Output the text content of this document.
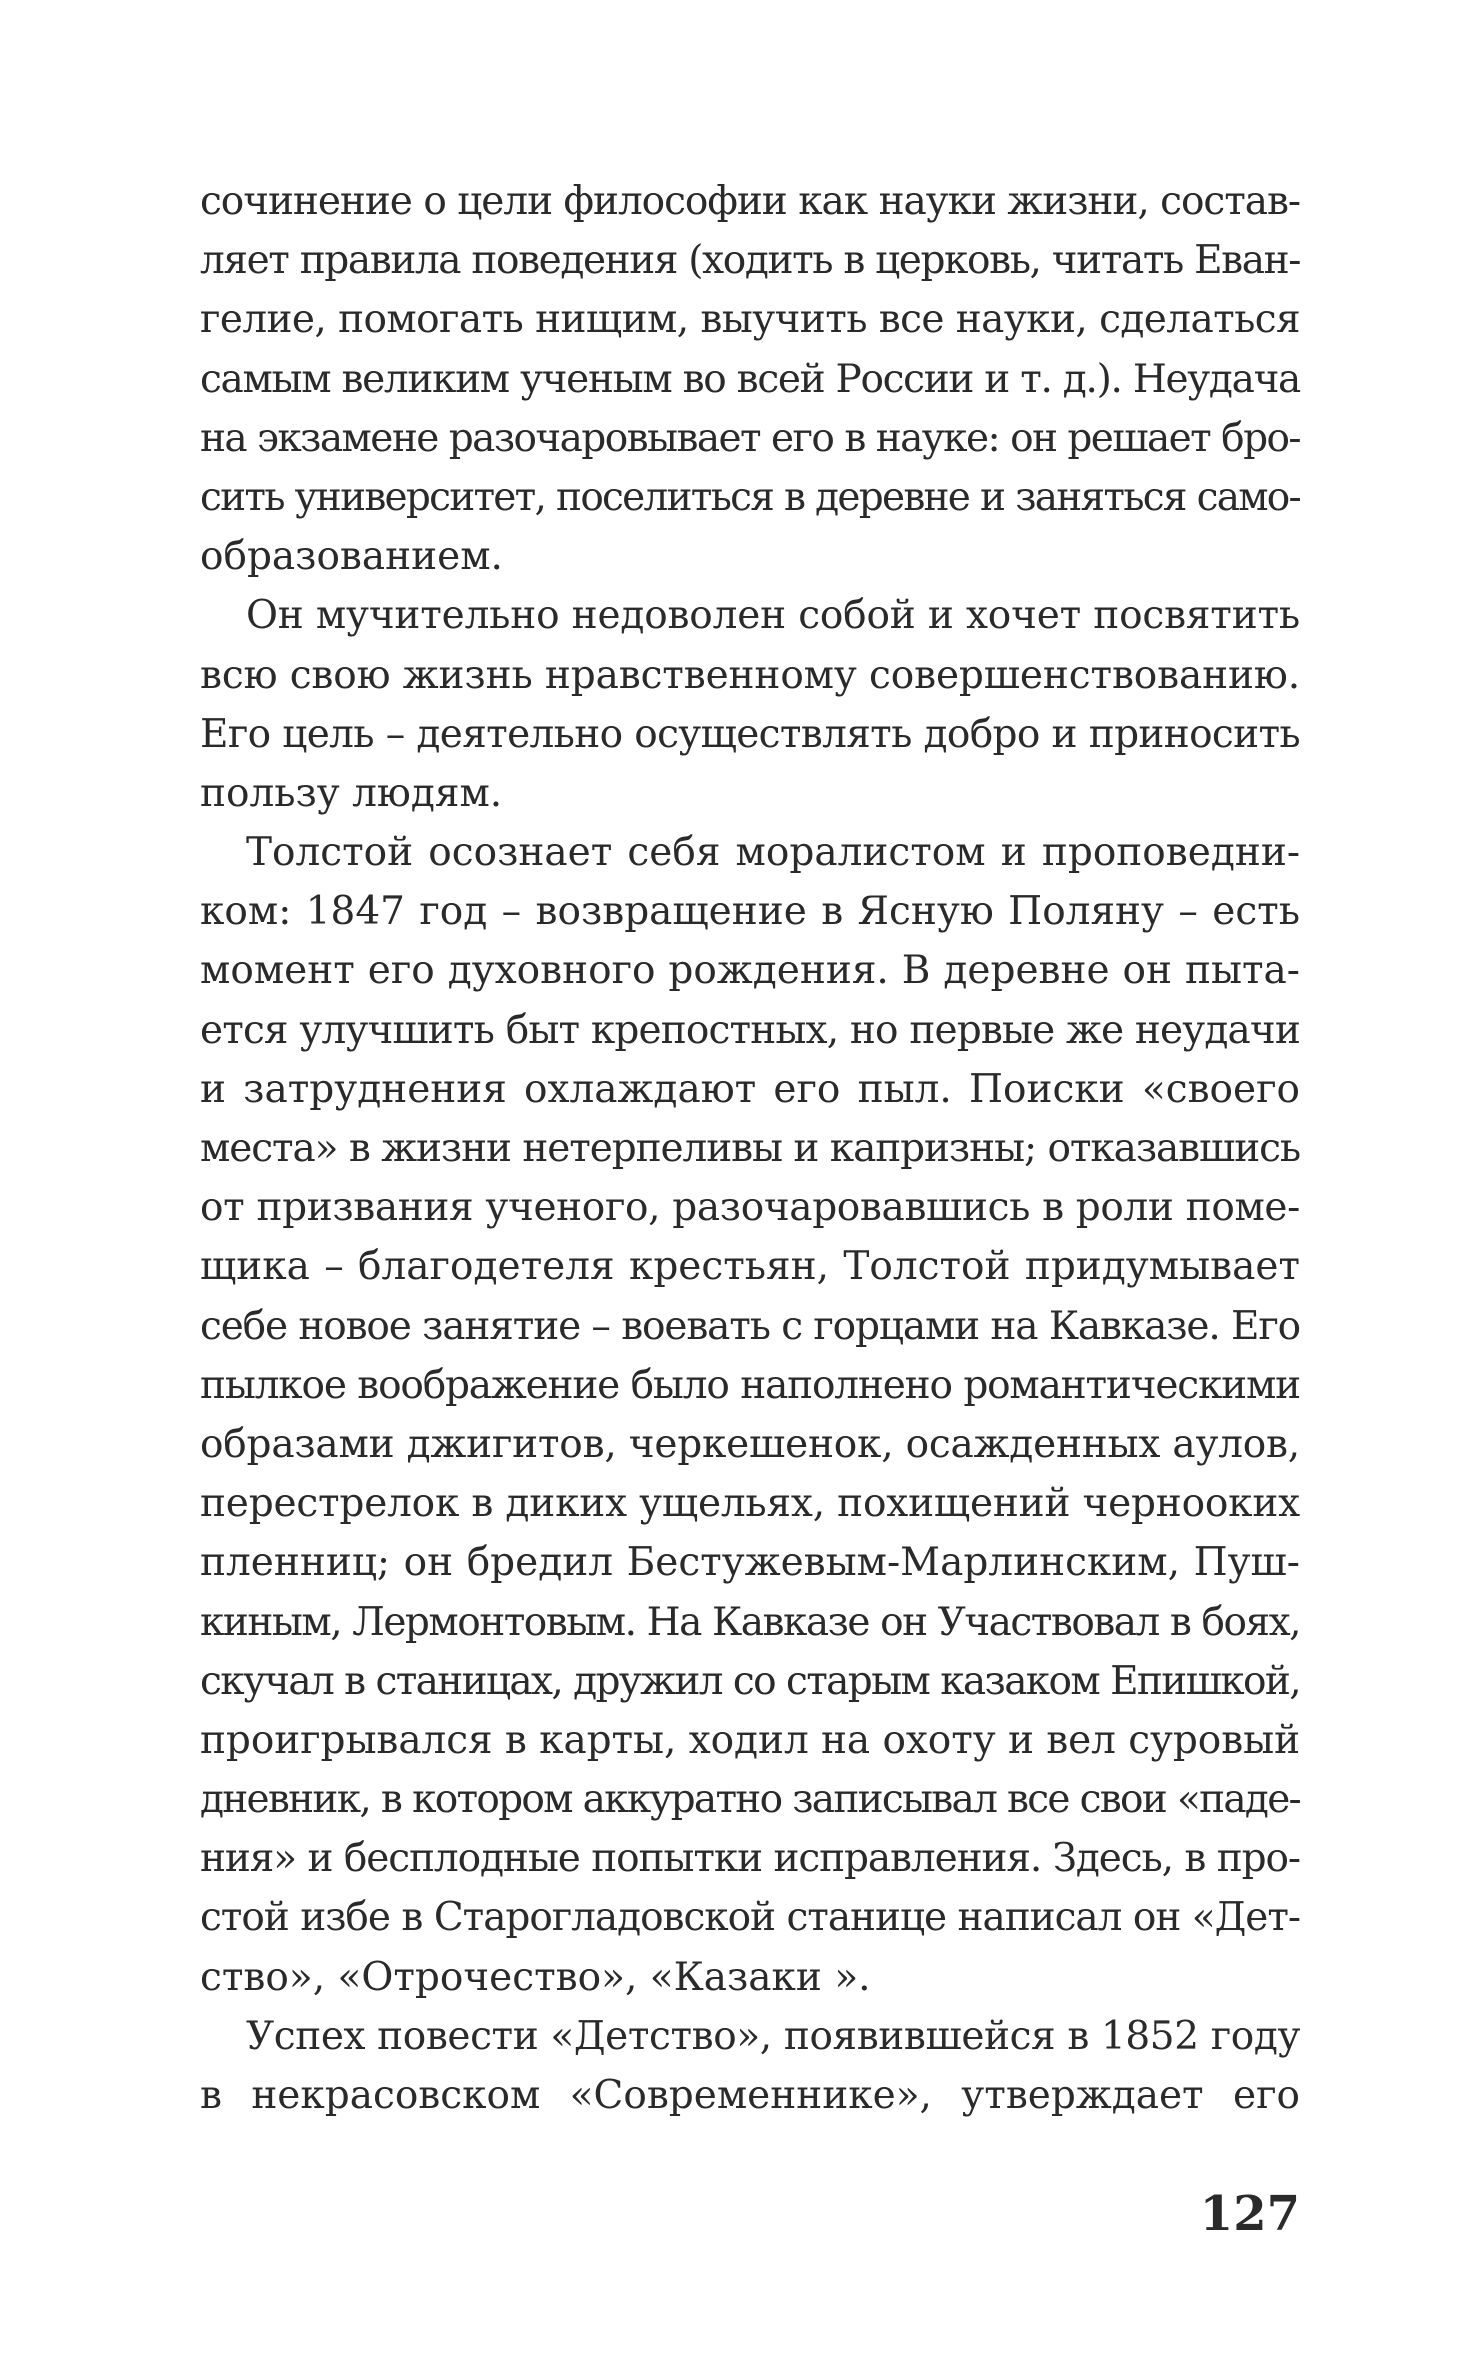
сочинение о цели философии как науки жизни, состав-
ляет правила поведения (ходить в церковь, читать Еван-
гелие, помогать нищим, выучить все науки, сделаться
самым великим ученым во всей России и т. д.). Неудача
на экзамене разочаровывает его в науке: он решает бро-
сить университет, поселиться в деревне и заняться само-
образованием.
Он мучительно недоволен собой и хочет посвятить
всю свою жизнь нравственному совершенствованию.
Его цель – деятельно осуществлять добро и приносить
пользу людям.
Толстой осознает себя моралистом и проповедни-
ком: 1847 год – возвращение в Ясную Поляну – есть
момент его духовного рождения. В деревне он пыта-
ется улучшить быт крепостных, но первые же неудачи
и затруднения охлаждают его пыл. Поиски «своего
места» в жизни нетерпеливы и капризны; отказавшись
от призвания ученого, разочаровавшись в роли поме-
щика – благодетеля крестьян, Толстой придумывает
себе новое занятие – воевать с горцами на Кавказе. Его
пылкое воображение было наполнено романтическими
образами джигитов, черкешенок, осажденных аулов,
перестрелок в диких ущельях, похищений черноокиx
пленниц; он бредил Бестужевым-Марлинским, Пуш-
киным, Лермонтовым. На Кавказе он Участвовал в боях,
скучал в станицах, дружил со старым казаком Епишкой,
проигрывался в карты, ходил на охоту и вел суровый
дневник, в котором аккуратно записывал все свои «паде-
ния» и бесплодные попытки исправления. Здесь, в про-
стой избе в Старогладовской станице написал он «Дет-
ство», «Отрочество», «Казаки ».
Успех повести «Детство», появившейся в 1852 году
в некрасовском «Современнике», утверждает его
127
